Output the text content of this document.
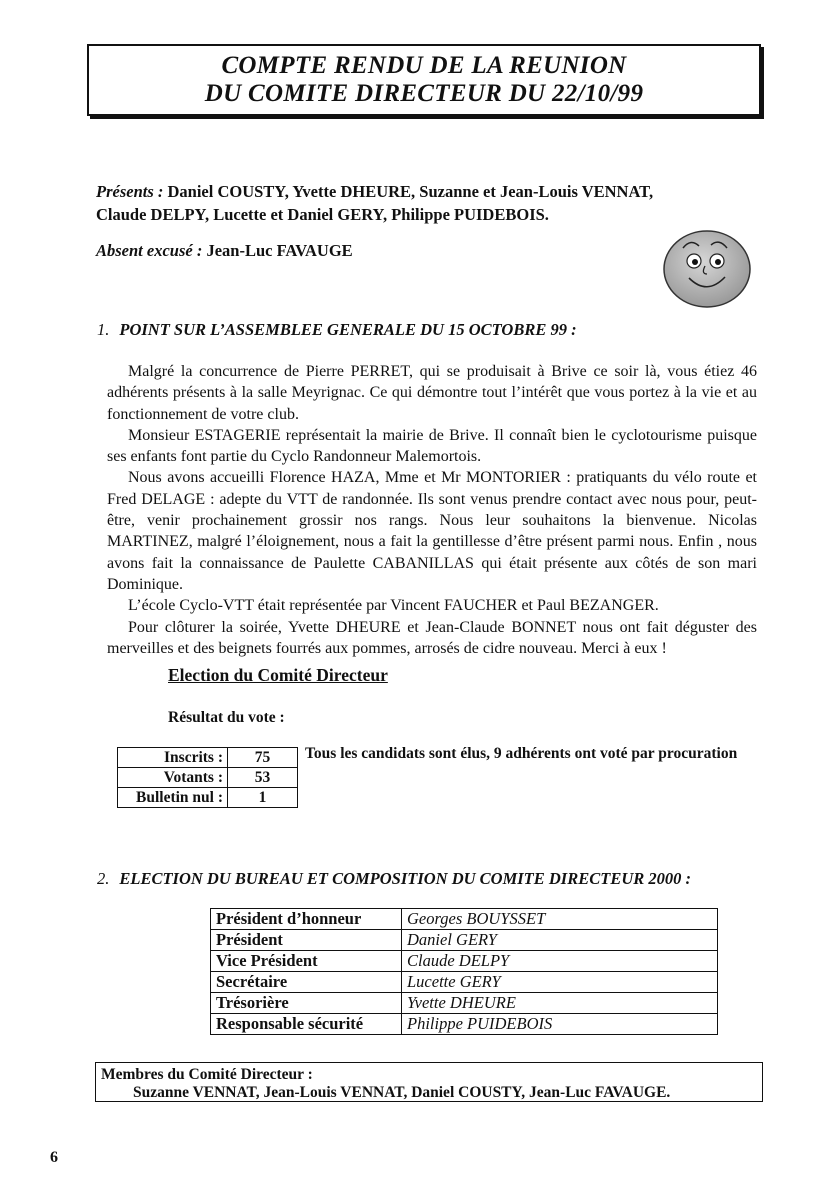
COMPTE RENDU DE LA REUNION
DU COMITE DIRECTEUR DU 22/10/99
Présents : Daniel COUSTY, Yvette DHEURE, Suzanne et Jean-Louis VENNAT,
Claude DELPY, Lucette et Daniel GERY, Philippe PUIDEBOIS.
Absent excusé : Jean-Luc FAVAUGE
1. POINT SUR L’ASSEMBLEE GENERALE DU 15 OCTOBRE 99 :

Malgré la concurrence de Pierre PERRET, qui se produisait à Brive ce soir là, vous étiez 46 adhérents présents à la salle Meyrignac. Ce qui démontre tout l’intérêt que vous portez à la vie et au fonctionnement de votre club.

Monsieur ESTAGERIE représentait la mairie de Brive. Il connaît bien le cyclotourisme puisque ses enfants font partie du Cyclo Randonneur Malemortois.

Nous avons accueilli Florence HAZA, Mme et Mr MONTORIER : pratiquants du vélo route et Fred DELAGE : adepte du VTT de randonnée. Ils sont venus prendre contact avec nous pour, peut-être, venir prochainement grossir nos rangs. Nous leur souhaitons la bienvenue. Nicolas MARTINEZ, malgré l’éloignement, nous a fait la gentillesse d’être présent parmi nous. Enfin , nous avons fait la connaissance de Paulette CABANILLAS qui était présente aux côtés de son mari Dominique.

L’école Cyclo-VTT était représentée par Vincent FAUCHER et Paul BEZANGER.

Pour clôturer la soirée, Yvette DHEURE et Jean-Claude BONNET nous ont fait déguster des merveilles et des beignets fourrés aux pommes, arrosés de cidre nouveau. Merci à eux !

Election du Comité Directeur
Résultat du vote :
Inscrits :	75
Votants :	53
Bulletin nul :	1
Tous les candidats sont élus, 9 adhérents ont voté par procuration
2. ELECTION DU BUREAU ET COMPOSITION DU COMITE DIRECTEUR 2000 :
Président d’honneur	Georges BOUYSSET
Président	Daniel GERY
Vice Président	Claude DELPY
Secrétaire	Lucette GERY
Trésorière	Yvette DHEURE
Responsable sécurité	Philippe PUIDEBOIS
Membres du Comité Directeur :
Suzanne VENNAT, Jean-Louis VENNAT, Daniel COUSTY, Jean-Luc FAVAUGE.
6
